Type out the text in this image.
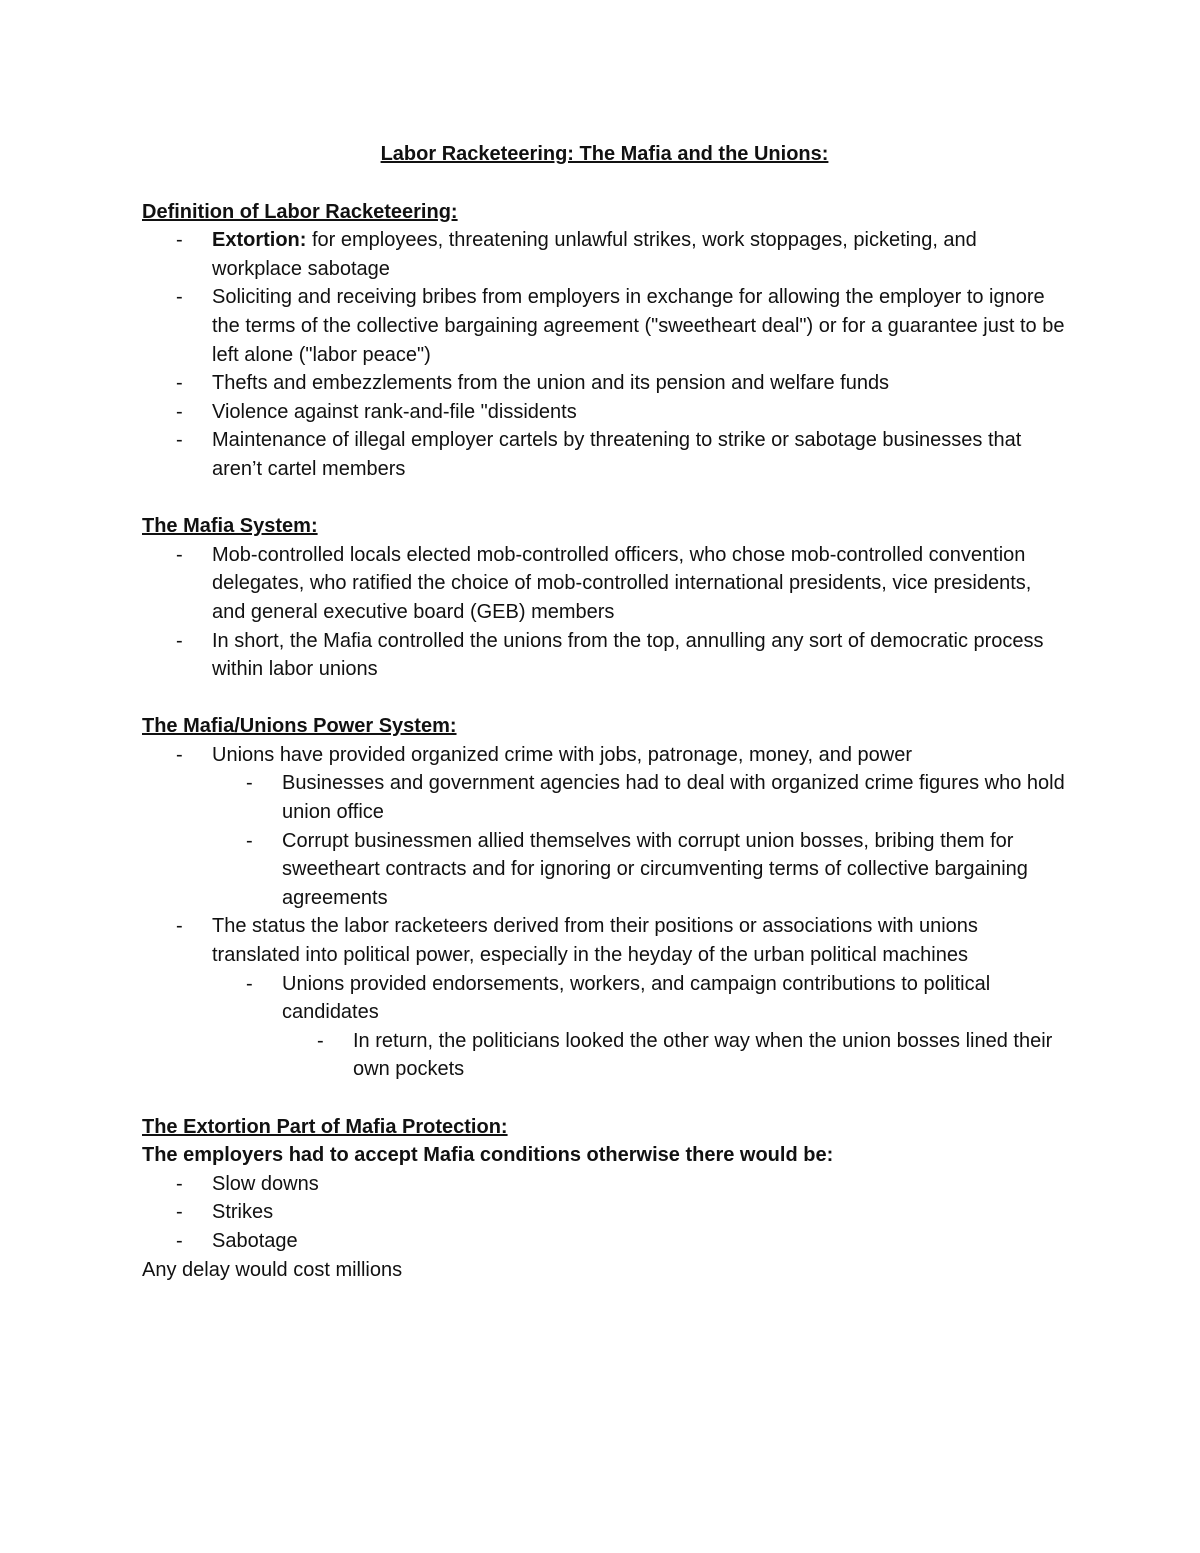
Labor Racketeering: The Mafia and the Unions:

Definition of Labor Racketeering:

- Extortion: for employees, threatening unlawful strikes, work stoppages, picketing, and workplace sabotage
- Soliciting and receiving bribes from employers in exchange for allowing the employer to ignore the terms of the collective bargaining agreement ("sweetheart deal") or for a guarantee just to be left alone ("labor peace")
- Thefts and embezzlements from the union and its pension and welfare funds
- Violence against rank-and-file "dissidents
- Maintenance of illegal employer cartels by threatening to strike or sabotage businesses that aren’t cartel members

The Mafia System:

- Mob-controlled locals elected mob-controlled officers, who chose mob-controlled convention delegates, who ratified the choice of mob-controlled international presidents, vice presidents, and general executive board (GEB) members
- In short, the Mafia controlled the unions from the top, annulling any sort of democratic process within labor unions

The Mafia/Unions Power System:

- Unions have provided organized crime with jobs, patronage, money, and power
- Businesses and government agencies had to deal with organized crime figures who hold union office
- Corrupt businessmen allied themselves with corrupt union bosses, bribing them for sweetheart contracts and for ignoring or circumventing terms of collective bargaining agreements
- The status the labor racketeers derived from their positions or associations with unions translated into political power, especially in the heyday of the urban political machines
- Unions provided endorsements, workers, and campaign contributions to political candidates
- In return, the politicians looked the other way when the union bosses lined their own pockets

The Extortion Part of Mafia Protection:

The employers had to accept Mafia conditions otherwise there would be:

- Slow downs
- Strikes
- Sabotage

Any delay would cost millions
